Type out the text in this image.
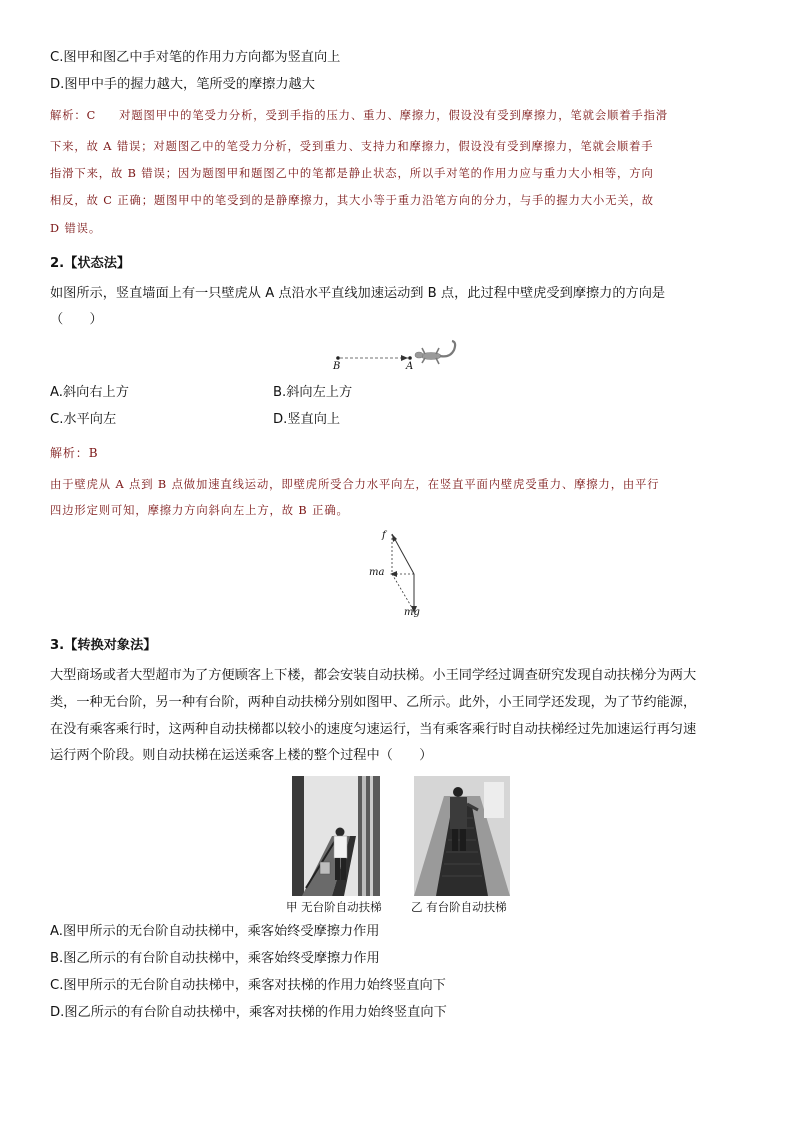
C.图甲和图乙中手对笔的作用力方向都为竖直向上
D.图甲中手的握力越大，笔所受的摩擦力越大
解析：C 对题图甲中的笔受力分析，受到手指的压力、重力、摩擦力，假设没有受到摩擦力，笔就会顺着手指滑
下来，故 A 错误；对题图乙中的笔受力分析，受到重力、支持力和摩擦力，假设没有受到摩擦力，笔就会顺着手
指滑下来，故 B 错误；因为题图甲和题图乙中的笔都是静止状态，所以手对笔的作用力应与重力大小相等，方向
相反，故 C 正确；题图甲中的笔受到的是静摩擦力，其大小等于重力沿笔方向的分力，与手的握力大小无关，故
D 错误。
2.【状态法】
如图所示，竖直墙面上有一只壁虎从 A 点沿水平直线加速运动到 B 点，此过程中壁虎受到摩擦力的方向是
（　　）
B	A
A.斜向右上方	B.斜向左上方
C.水平向左	D.竖直向上
解析：B
由于壁虎从 A 点到 B 点做加速直线运动，即壁虎所受合力水平向左，在竖直平面内壁虎受重力、摩擦力，由平行
四边形定则可知，摩擦力方向斜向左上方，故 B 正确。
f
ma
mg
3.【转换对象法】
大型商场或者大型超市为了方便顾客上下楼，都会安装自动扶梯。小王同学经过调查研究发现自动扶梯分为两大
类，一种无台阶，另一种有台阶，两种自动扶梯分别如图甲、乙所示。此外，小王同学还发现，为了节约能源，
在没有乘客乘行时，这两种自动扶梯都以较小的速度匀速运行，当有乘客乘行时自动扶梯经过先加速运行再匀速
运行两个阶段。则自动扶梯在运送乘客上楼的整个过程中（　　）
甲 无台阶自动扶梯	乙 有台阶自动扶梯
A.图甲所示的无台阶自动扶梯中，乘客始终受摩擦力作用
B.图乙所示的有台阶自动扶梯中，乘客始终受摩擦力作用
C.图甲所示的无台阶自动扶梯中，乘客对扶梯的作用力始终竖直向下
D.图乙所示的有台阶自动扶梯中，乘客对扶梯的作用力始终竖直向下
